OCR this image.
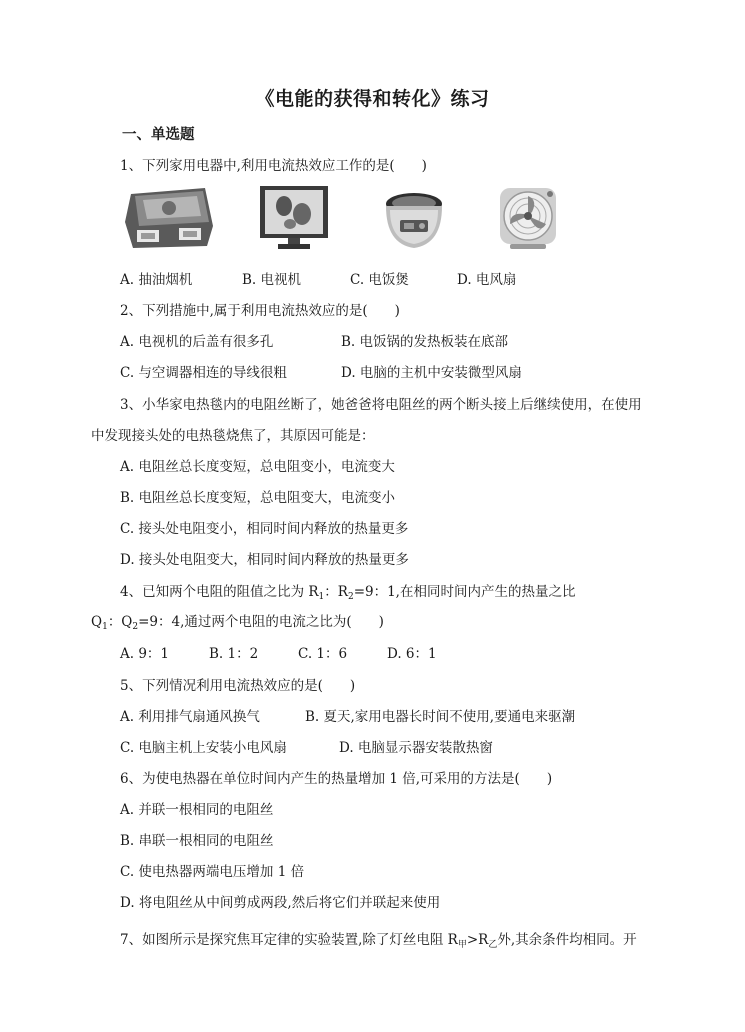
《电能的获得和转化》练习
一、单选题
1、下列家用电器中,利用电流热效应工作的是(　　)
A. 抽油烟机	B. 电视机	C. 电饭煲	D. 电风扇
2、下列措施中,属于利用电流热效应的是(　　)
A. 电视机的后盖有很多孔	B. 电饭锅的发热板装在底部
C. 与空调器相连的导线很粗	D. 电脑的主机中安装微型风扇
3、小华家电热毯内的电阻丝断了，她爸爸将电阻丝的两个断头接上后继续使用，在使用
中发现接头处的电热毯烧焦了，其原因可能是：
A. 电阻丝总长度变短，总电阻变小，电流变大
B. 电阻丝总长度变短，总电阻变大，电流变小
C. 接头处电阻变小，相同时间内释放的热量更多
D. 接头处电阻变大，相同时间内释放的热量更多
4、已知两个电阻的阻值之比为 $R_1$：$R_2=9$：1,在相同时间内产生的热量之比
$Q_1$：$Q_2=9$：4,通过两个电阻的电流之比为(　　)
A. 9：1	B. 1：2	C. 1：6	D. 6：1
5、下列情况利用电流热效应的是(　　)
A. 利用排气扇通风换气	B. 夏天,家用电器长时间不使用,要通电来驱潮
C. 电脑主机上安装小电风扇	D. 电脑显示器安装散热窗
6、为使电热器在单位时间内产生的热量增加 1 倍,可采用的方法是(　　)
A. 并联一根相同的电阻丝
B. 串联一根相同的电阻丝
C. 使电热器两端电压增加 1 倍
D. 将电阻丝从中间剪成两段,然后将它们并联起来使用
7、如图所示是探究焦耳定律的实验装置,除了灯丝电阻 $R_甲>R_乙$外,其余条件均相同。开
